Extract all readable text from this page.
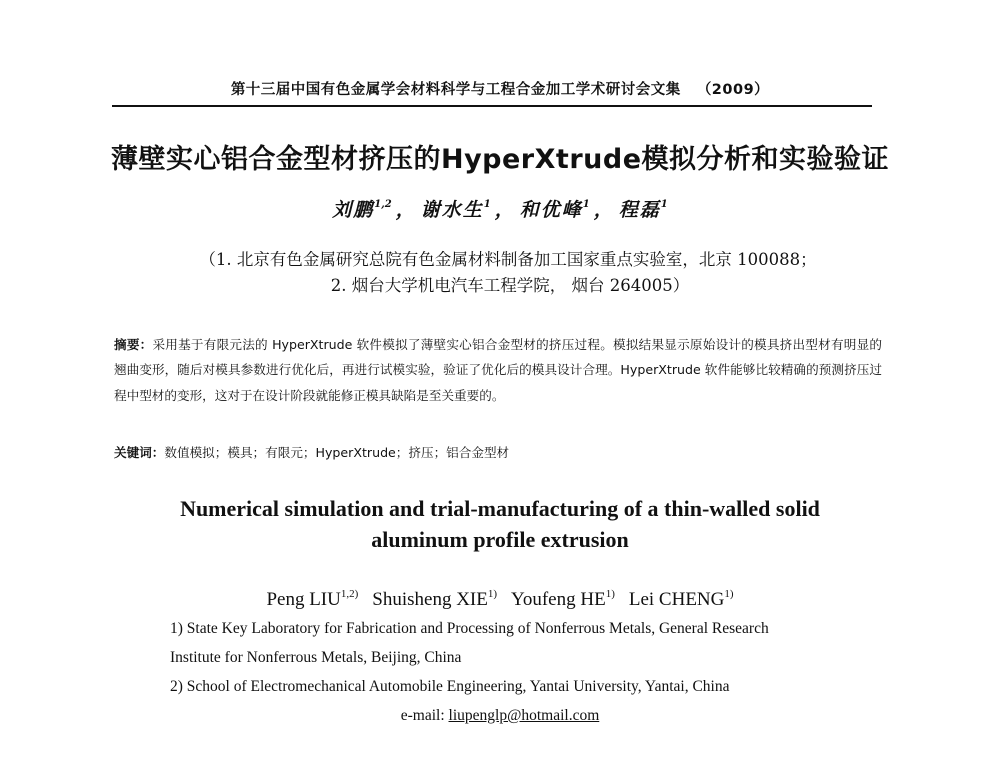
第十三届中国有色金属学会材料科学与工程合金加工学术研讨会文集 （2009）
薄壁实心铝合金型材挤压的HyperXtrude模拟分析和实验验证
刘鹏$^{1,2}$ ， 谢水生$^1$ ， 和优峰$^1$ ， 程磊$^1$
（1. 北京有色金属研究总院有色金属材料制备加工国家重点实验室，北京 100088；
2. 烟台大学机电汽车工程学院， 烟台 264005）
摘要：采用基于有限元法的 HyperXtrude 软件模拟了薄壁实心铝合金型材的挤压过程。模拟结果显示原始设计的模具挤出型材有明显的翘曲变形，随后对模具参数进行优化后，再进行试模实验，验证了优化后的模具设计合理。HyperXtrude 软件能够比较精确的预测挤压过程中型材的变形，这对于在设计阶段就能修正模具缺陷是至关重要的。
关键词：数值模拟；模具；有限元；HyperXtrude；挤压；铝合金型材
Numerical simulation and trial-manufacturing of a thin-walled solid
aluminum profile extrusion
Peng LIU$^{1,2)}$ Shuisheng XIE$^{1)}$ Youfeng HE$^{1)}$ Lei CHENG$^{1)}$
1) State Key Laboratory for Fabrication and Processing of Nonferrous Metals, General Research
Institute for Nonferrous Metals, Beijing, China
2) School of Electromechanical Automobile Engineering, Yantai University, Yantai, China
e-mail: liupenglp@hotmail.com
